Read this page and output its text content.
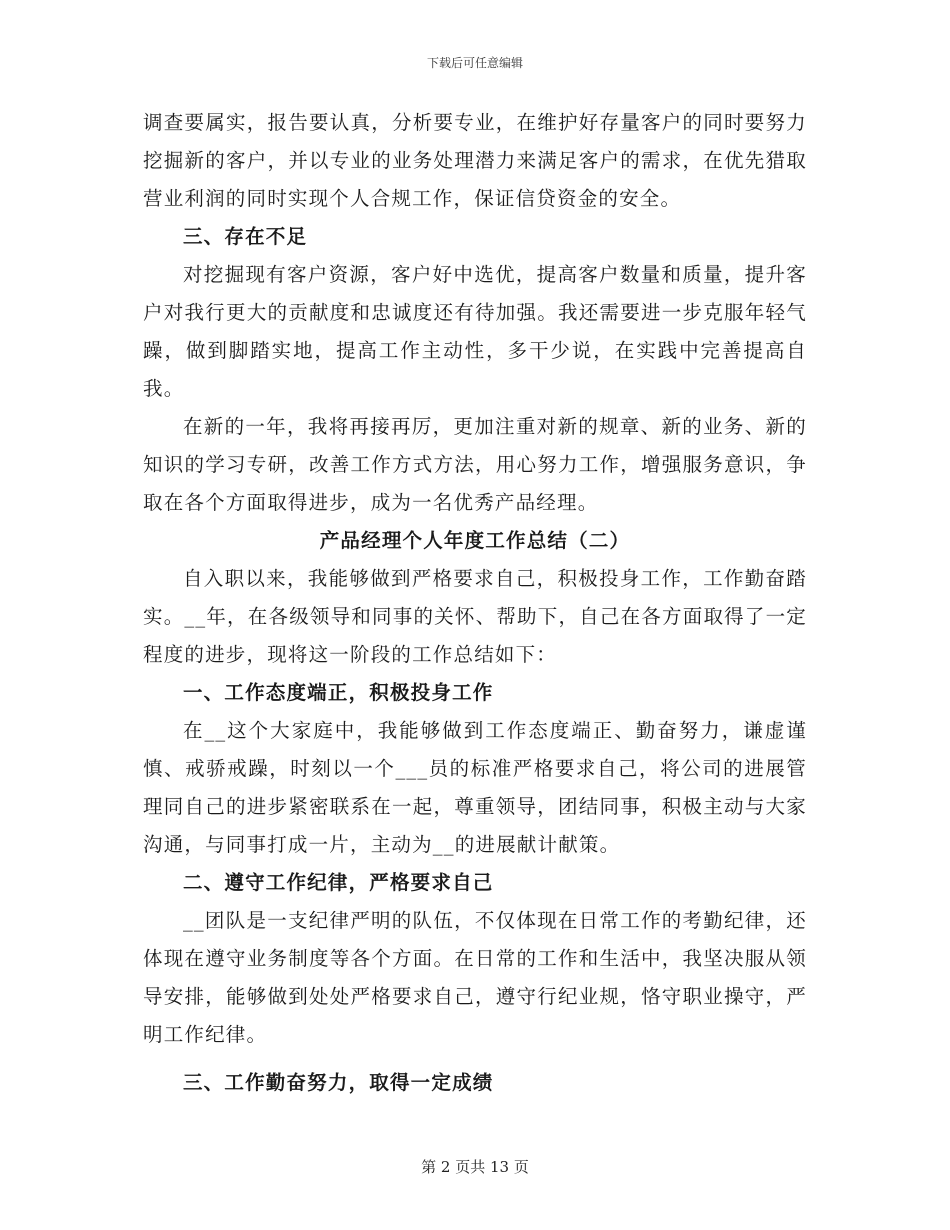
下载后可任意编辑

调查要属实，报告要认真，分析要专业，在维护好存量客户的同时要努力挖掘新的客户，并以专业的业务处理潜力来满足客户的需求，在优先猎取营业利润的同时实现个人合规工作，保证信贷资金的安全。

三、存在不足

对挖掘现有客户资源，客户好中选优，提高客户数量和质量，提升客户对我行更大的贡献度和忠诚度还有待加强。我还需要进一步克服年轻气躁，做到脚踏实地，提高工作主动性，多干少说，在实践中完善提高自我。

在新的一年，我将再接再厉，更加注重对新的规章、新的业务、新的知识的学习专研，改善工作方式方法，用心努力工作，增强服务意识，争取在各个方面取得进步，成为一名优秀产品经理。

产品经理个人年度工作总结（二）

自入职以来，我能够做到严格要求自己，积极投身工作，工作勤奋踏实。__年，在各级领导和同事的关怀、帮助下，自己在各方面取得了一定程度的进步，现将这一阶段的工作总结如下：

一、工作态度端正，积极投身工作

在__这个大家庭中，我能够做到工作态度端正、勤奋努力，谦虚谨慎、戒骄戒躁，时刻以一个___员的标准严格要求自己，将公司的进展管理同自己的进步紧密联系在一起，尊重领导，团结同事，积极主动与大家沟通，与同事打成一片，主动为__的进展献计献策。

二、遵守工作纪律，严格要求自己

__团队是一支纪律严明的队伍，不仅体现在日常工作的考勤纪律，还体现在遵守业务制度等各个方面。在日常的工作和生活中，我坚决服从领导安排，能够做到处处严格要求自己，遵守行纪业规，恪守职业操守，严明工作纪律。

三、工作勤奋努力，取得一定成绩

第 2 页共 13 页
